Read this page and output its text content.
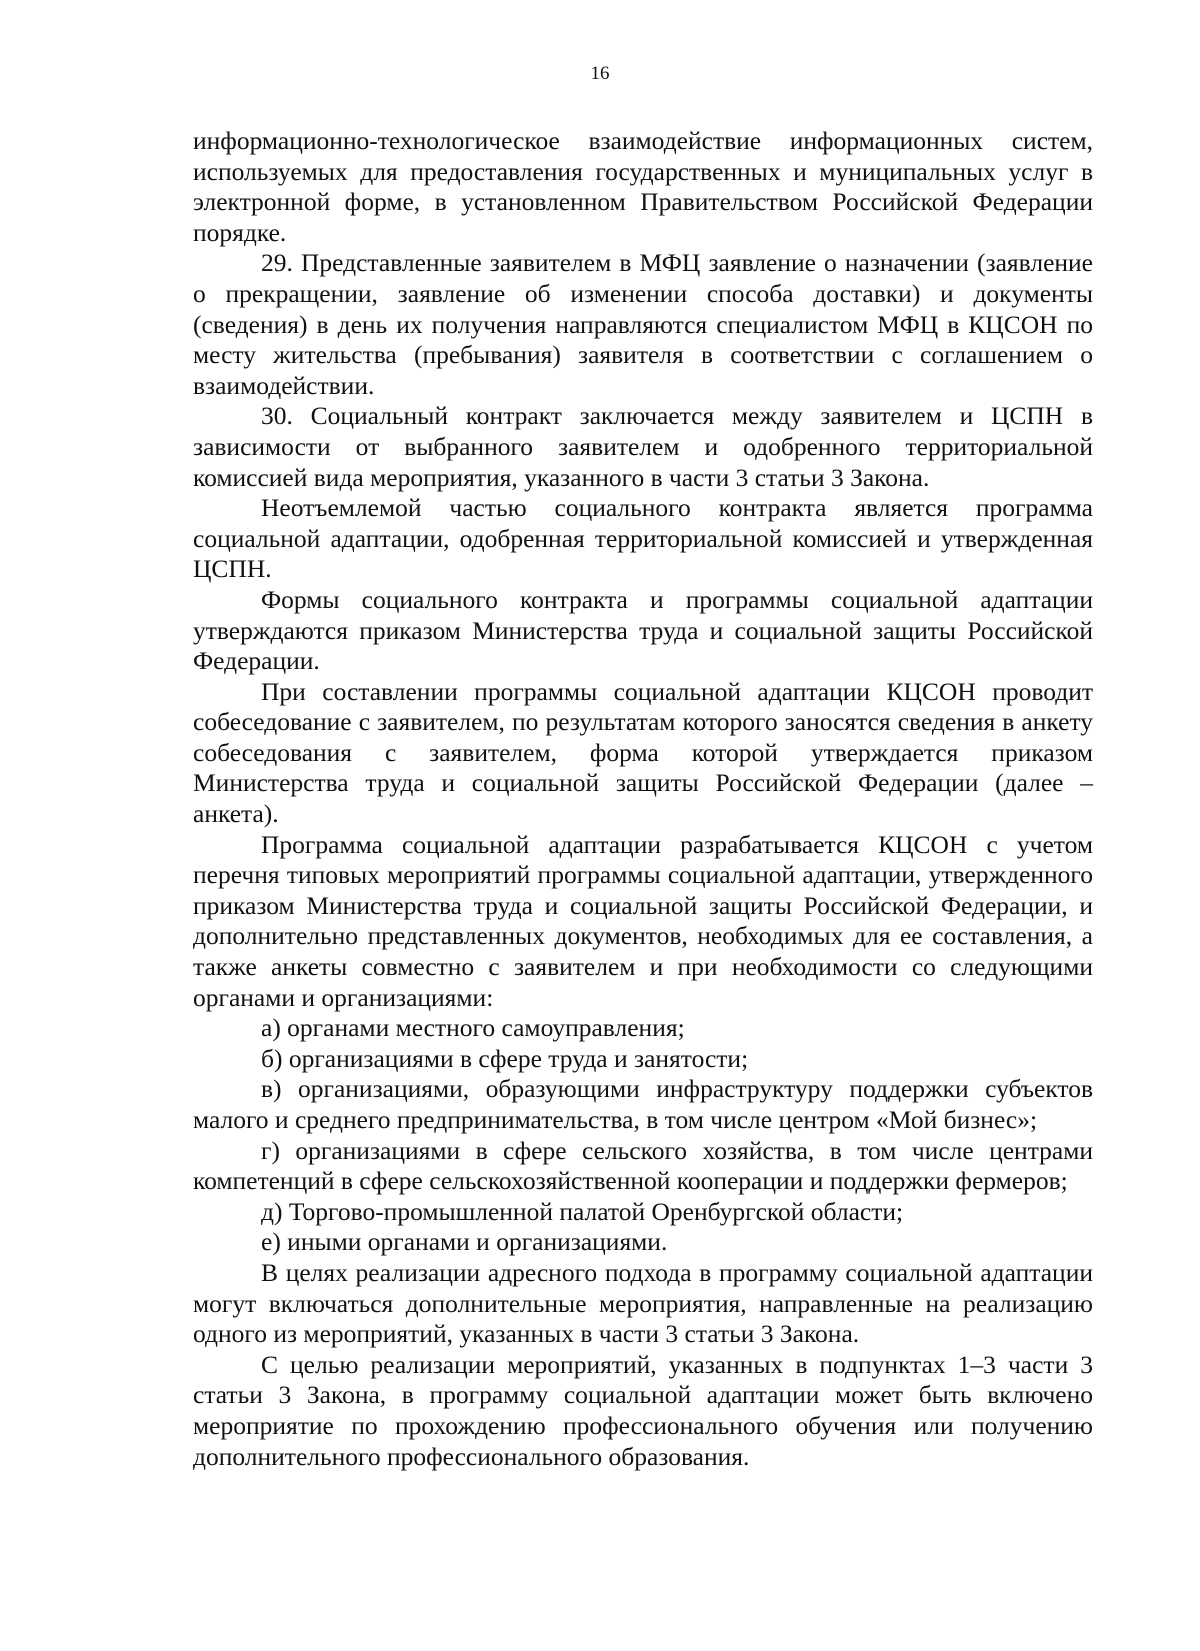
16

информационно-технологическое взаимодействие информационных систем, используемых для предоставления государственных и муниципальных услуг в электронной форме, в установленном Правительством Российской Федерации порядке.

29. Представленные заявителем в МФЦ заявление о назначении (заявление о прекращении, заявление об изменении способа доставки) и документы (сведения) в день их получения направляются специалистом МФЦ в КЦСОН по месту жительства (пребывания) заявителя в соответствии с соглашением о взаимодействии.

30. Социальный контракт заключается между заявителем и ЦСПН в зависимости от выбранного заявителем и одобренного территориальной комиссией вида мероприятия, указанного в части 3 статьи 3 Закона.

Неотъемлемой частью социального контракта является программа социальной адаптации, одобренная территориальной комиссией и утвержденная ЦСПН.

Формы социального контракта и программы социальной адаптации утверждаются приказом Министерства труда и социальной защиты Российской Федерации.

При составлении программы социальной адаптации КЦСОН проводит собеседование с заявителем, по результатам которого заносятся сведения в анкету собеседования с заявителем, форма которой утверждается приказом Министерства труда и социальной защиты Российской Федерации (далее – анкета).

Программа социальной адаптации разрабатывается КЦСОН с учетом перечня типовых мероприятий программы социальной адаптации, утвержденного приказом Министерства труда и социальной защиты Российской Федерации, и дополнительно представленных документов, необходимых для ее составления, а также анкеты совместно с заявителем и при необходимости со следующими органами и организациями:

а) органами местного самоуправления;

б) организациями в сфере труда и занятости;

в) организациями, образующими инфраструктуру поддержки субъектов малого и среднего предпринимательства, в том числе центром «Мой бизнес»;

г) организациями в сфере сельского хозяйства, в том числе центрами компетенций в сфере сельскохозяйственной кооперации и поддержки фермеров;

д) Торгово-промышленной палатой Оренбургской области;

е) иными органами и организациями.

В целях реализации адресного подхода в программу социальной адаптации могут включаться дополнительные мероприятия, направленные на реализацию одного из мероприятий, указанных в части 3 статьи 3 Закона.

С целью реализации мероприятий, указанных в подпунктах 1–3 части 3 статьи 3 Закона, в программу социальной адаптации может быть включено мероприятие по прохождению профессионального обучения или получению дополнительного профессионального образования.
